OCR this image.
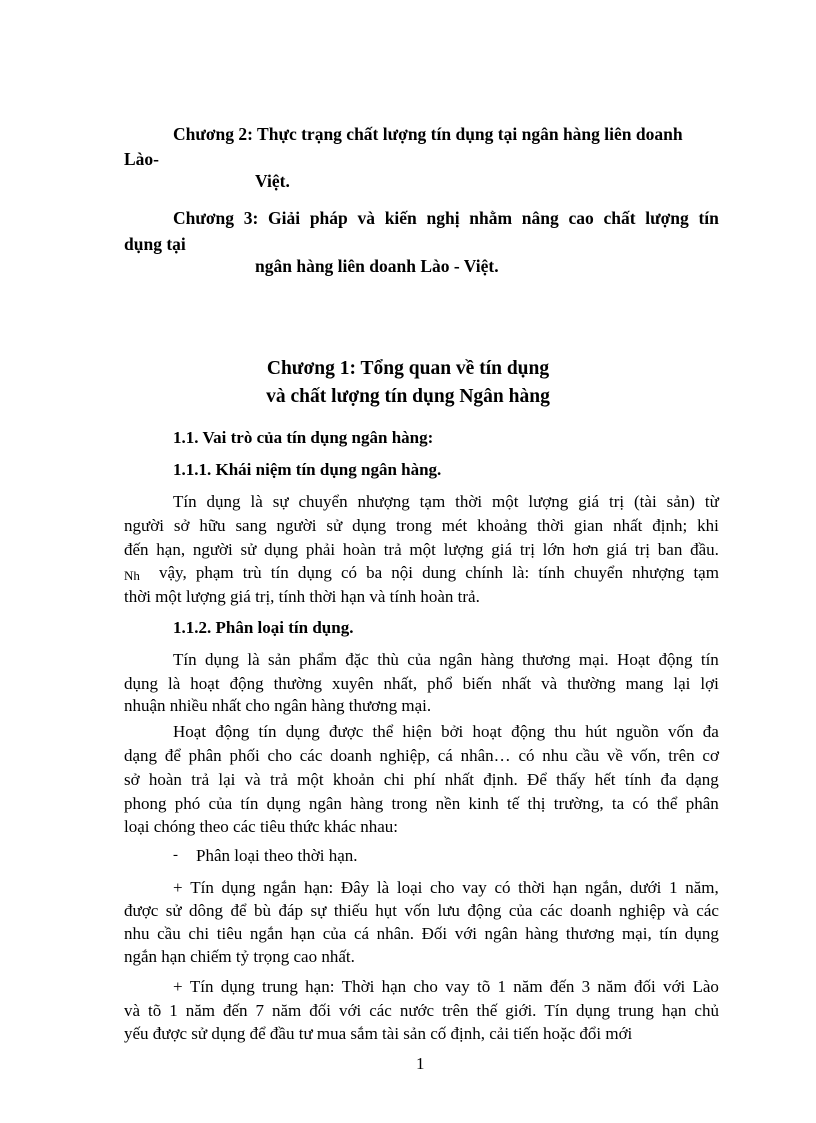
Chương 2: Thực trạng chất lượng tín dụng tại ngân hàng liên doanh
Lào-
Việt.
Chương 3: Giải pháp và kiến nghị nhằm nâng cao chất lượng tín
dụng tại
ngân hàng liên doanh Lào - Việt.
Chương 1: Tổng quan về tín dụng
và chất lượng tín dụng Ngân hàng
1.1. Vai trò của tín dụng ngân hàng:
1.1.1. Khái niệm tín dụng ngân hàng.
Tín dụng là sự chuyển nhượng tạm thời một lượng giá trị (tài sản) từ
người sở hữu sang người sử dụng trong mét khoảng thời gian nhất định; khi
đến hạn, người sử dụng phải hoàn trả một lượng giá trị lớn hơn giá trị ban đầu.
Nh vậy, phạm trù tín dụng có ba nội dung chính là: tính chuyển nhượng tạm
thời một lượng giá trị, tính thời hạn và tính hoàn trả.
1.1.2. Phân loại tín dụng.
Tín dụng là sản phẩm đặc thù của ngân hàng thương mại. Hoạt động tín
dụng là hoạt động thường xuyên nhất, phổ biến nhất và thường mang lại lợi
nhuận nhiều nhất cho ngân hàng thương mại.
Hoạt động tín dụng được thể hiện bởi hoạt động thu hút nguồn vốn đa
dạng để phân phối cho các doanh nghiệp, cá nhân… có nhu cầu về vốn, trên cơ
sở hoàn trả lại và trả một khoản chi phí nhất định. Để thấy hết tính đa dạng
phong phó của tín dụng ngân hàng trong nền kinh tế thị trường, ta có thể phân
loại chóng theo các tiêu thức khác nhau:
- Phân loại theo thời hạn.
+ Tín dụng ngắn hạn: Đây là loại cho vay có thời hạn ngắn, dưới 1 năm,
được sử dông để bù đáp sự thiếu hụt vốn lưu động của các doanh nghiệp và các
nhu cầu chi tiêu ngắn hạn của cá nhân. Đối với ngân hàng thương mại, tín dụng
ngắn hạn chiếm tỷ trọng cao nhất.
+ Tín dụng trung hạn: Thời hạn cho vay tõ 1 năm đến 3 năm đối với Lào
và tõ 1 năm đến 7 năm đối với các nước trên thế giới. Tín dụng trung hạn chủ
yếu được sử dụng để đầu tư mua sắm tài sản cố định, cải tiến hoặc đổi mới
1
